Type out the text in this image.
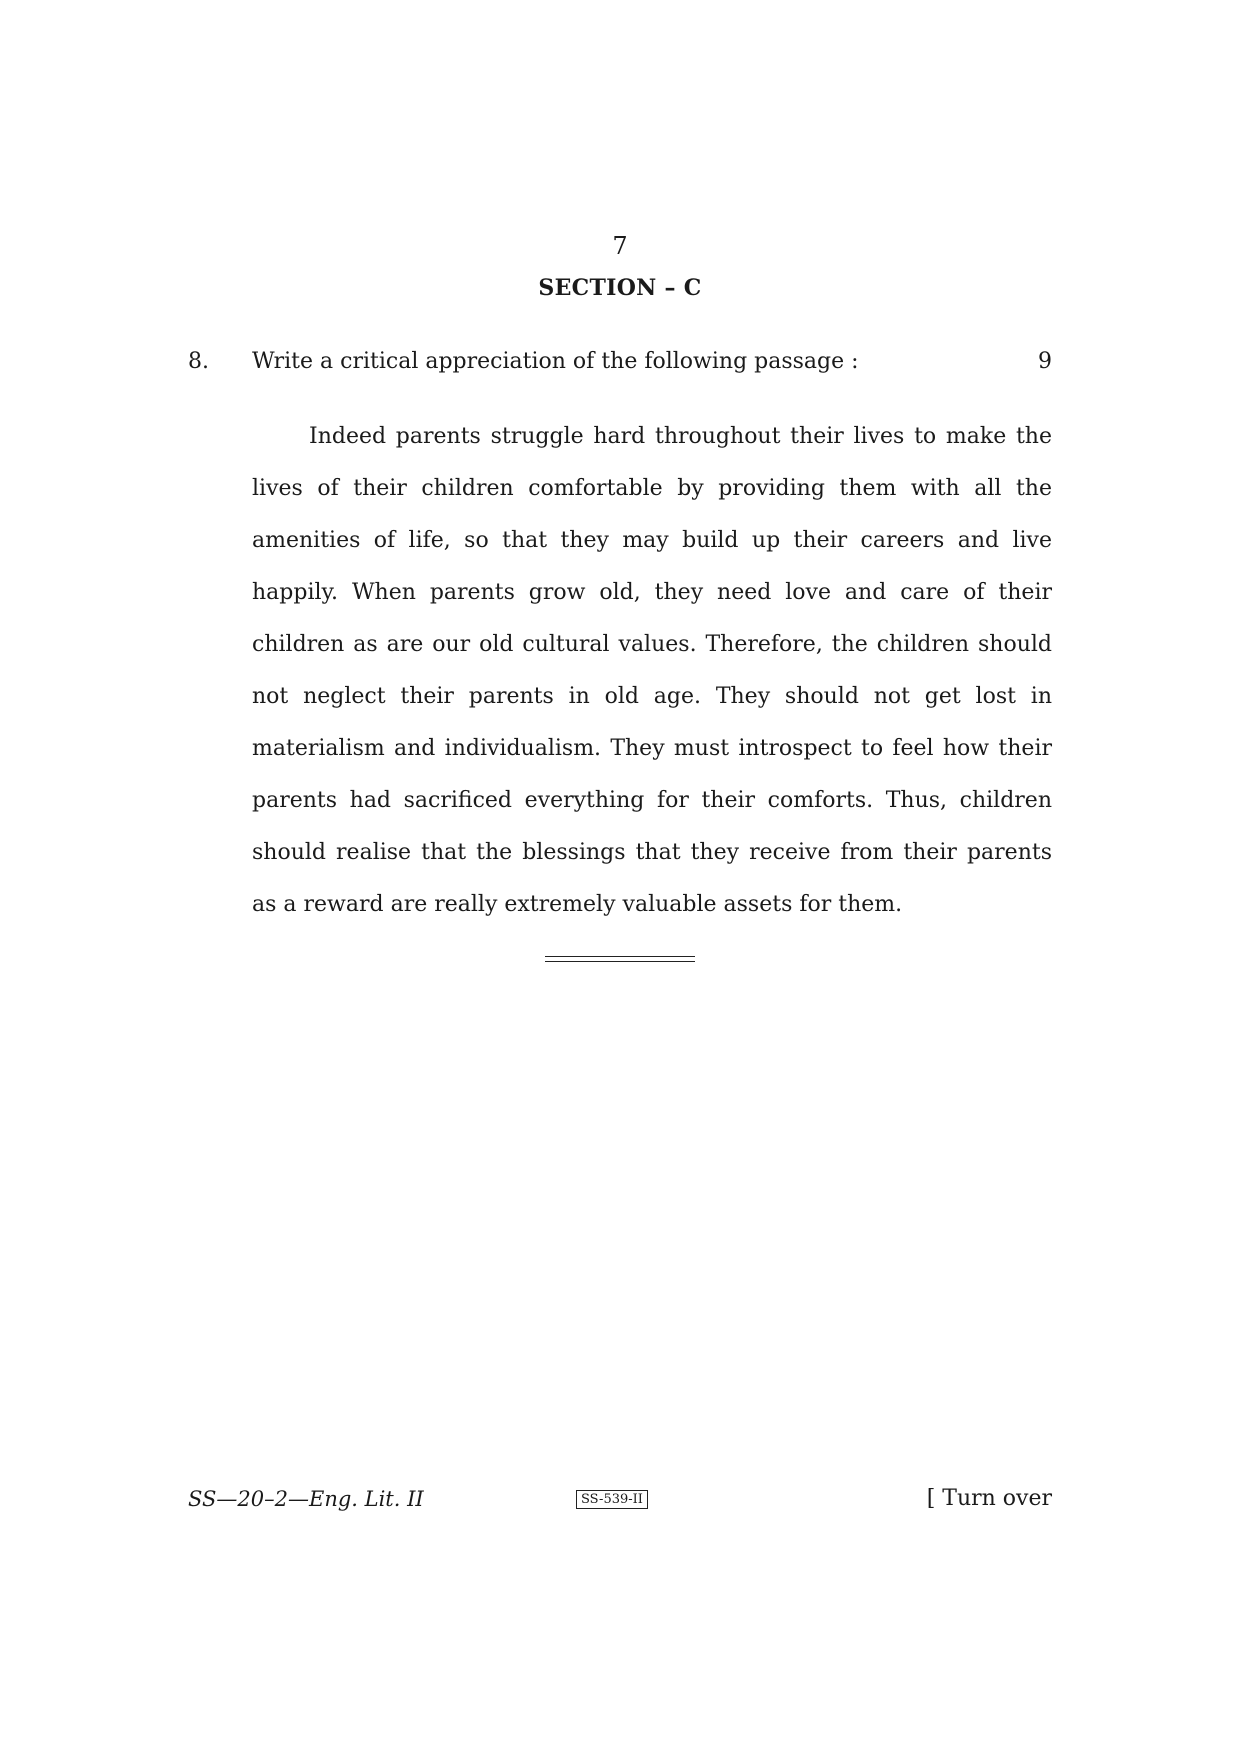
7
SECTION – C
8. Write a critical appreciation of the following passage :	9

Indeed parents struggle hard throughout their lives to make the lives of their children comfortable by providing them with all the amenities of life, so that they may build up their careers and live happily. When parents grow old, they need love and care of their children as are our old cultural values. Therefore, the children should not neglect their parents in old age. They should not get lost in materialism and individualism. They must introspect to feel how their parents had sacrificed everything for their comforts. Thus, children should realise that the blessings that they receive from their parents as a reward are really extremely valuable assets for them.

SS—20–2—Eng. Lit. II	SS-539-II	[ Turn over
